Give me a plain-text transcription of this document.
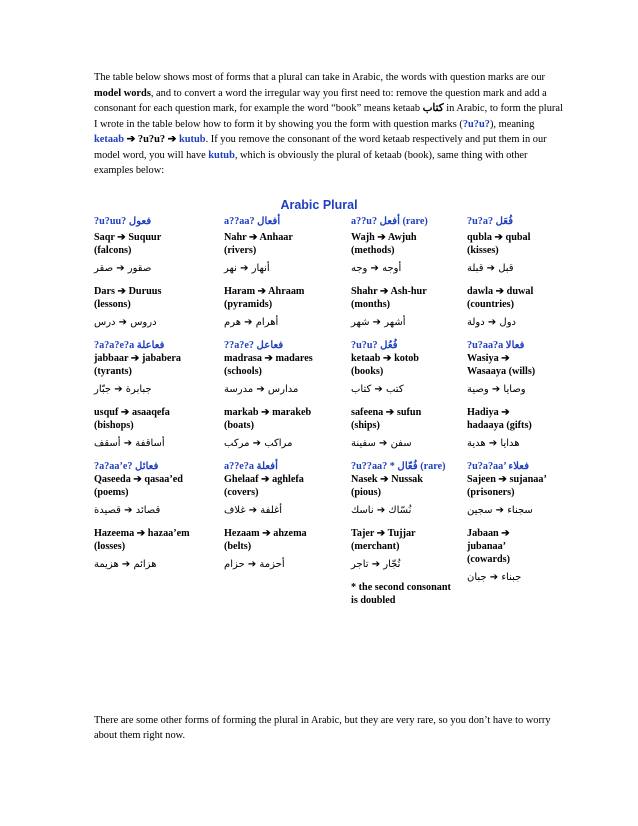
The table below shows most of forms that a plural can take in Arabic, the words with question marks are our model words, and to convert a word the irregular way you first need to: remove the question mark and add a consonant for each question mark, for example the word “book” means ketaab كتاب in Arabic, to form the plural I wrote in the table below how to form it by showing you the form with question marks (?u?u?), meaning ketaab ➔ ?u?u? ➔ kutub. If you remove the consonant of the word ketaab respectively and put them in our model word, you will have kutub, which is obviously the plural of ketaab (book), same thing with other examples below:
Arabic Plural
?u?uu? فعول
Saqr ➔ Suquur
(falcons)
صقور ➔ صقر
Dars ➔ Duruus
(lessons)
دروس ➔ درس
?a?a?e?a فعاعلة
jabbaar ➔ jababera
(tyrants)
جبابرة ➔ جبّار
usquf ➔ asaaqefa
(bishops)
أساقفة ➔ أسقف
?a?aa’e? فعائل
Qaseeda ➔ qasaa’ed
(poems)
قصائد ➔ قصيدة
Hazeema ➔ hazaa’em
(losses)
هزائم ➔ هزيمة
a??aa? أفعال
Nahr ➔ Anhaar
(rivers)
أنهار ➔ نهر
Haram ➔ Ahraam
(pyramids)
أهرام ➔ هرم
??a?e? فعاعل
madrasa ➔ madares
(schools)
مدارس ➔ مدرسة
markab ➔ marakeb
(boats)
مراكب ➔ مركب
a??e?a أفعلة
Ghelaaf ➔ aghlefa
(covers)
أغلفة ➔ غلاف
Hezaam ➔ ahzema
(belts)
أحزمة ➔ حزام
a??u? أفعل (rare)
Wajh ➔ Awjuh
(methods)
أوجه ➔ وجه
Shahr ➔ Ash-hur
(months)
أشهر ➔ شهر
?u?u? فُعُل
ketaab ➔ kotob
(books)
كتب ➔ كتاب
safeena ➔ sufun
(ships)
سفن ➔ سفينة
?u??aa? * فُعّال (rare)
Nasek ➔ Nussak
(pious)
نُسّاك ➔ ناسك
Tajer ➔ Tujjar
(merchant)
تُجّار ➔ تاجر
* the second consonant is doubled
?u?a? فُعَل
qubla ➔ qubal
(kisses)
قبل ➔ قبلة
dawla ➔ duwal
(countries)
دول ➔ دولة
?u?aa?a فعالا
Wasiya ➔
Wasaaya (wills)
وصايا ➔ وصية
Hadiya ➔
hadaaya (gifts)
هدايا ➔ هدية
?u?a?aa’ فعلاء
Sajeen ➔ sujanaa’
(prisoners)
سجناء ➔ سجين
Jabaan ➔
jubanaa’
(cowards)
جبناء ➔ جبان
There are some other forms of forming the plural in Arabic, but they are very rare, so you don’t have to worry about them right now.
